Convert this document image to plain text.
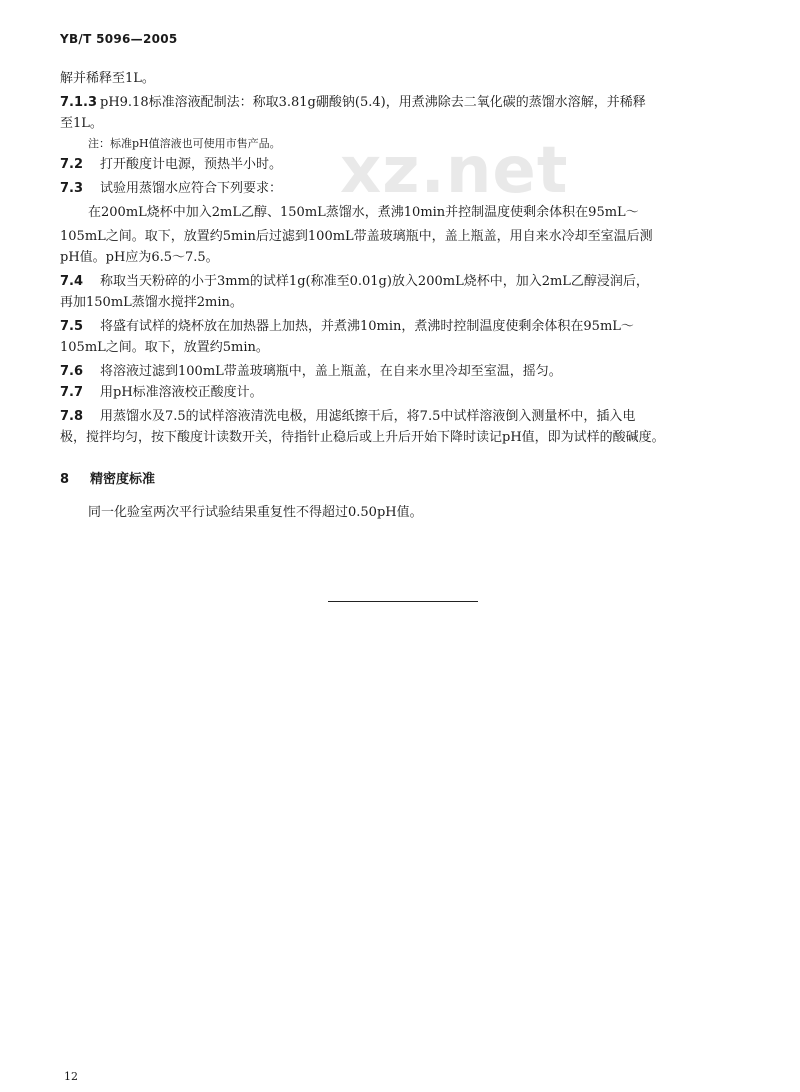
YB/T 5096—2005
xz.net
解并稀释至1L。
7.1.3 pH9.18标准溶液配制法：称取3.81g硼酸钠(5.4)，用煮沸除去二氧化碳的蒸馏水溶解，并稀释
至1L。
注：标准pH值溶液也可使用市售产品。
7.2 打开酸度计电源，预热半小时。
7.3 试验用蒸馏水应符合下列要求：
在200mL烧杯中加入2mL乙醇、150mL蒸馏水，煮沸10min并控制温度使剩余体积在95mL～
105mL之间。取下，放置约5min后过滤到100mL带盖玻璃瓶中，盖上瓶盖，用自来水冷却至室温后测
pH值。pH应为6.5～7.5。
7.4 称取当天粉碎的小于3mm的试样1g(称准至0.01g)放入200mL烧杯中，加入2mL乙醇浸润后，
再加150mL蒸馏水搅拌2min。
7.5 将盛有试样的烧杯放在加热器上加热，并煮沸10min，煮沸时控制温度使剩余体积在95mL～
105mL之间。取下，放置约5min。
7.6 将溶液过滤到100mL带盖玻璃瓶中，盖上瓶盖，在自来水里冷却至室温，摇匀。
7.7 用pH标准溶液校正酸度计。
7.8 用蒸馏水及7.5的试样溶液清洗电极，用滤纸擦干后，将7.5中试样溶液倒入测量杯中，插入电
极，搅拌均匀，按下酸度计读数开关，待指针止稳后或上升后开始下降时读记pH值，即为试样的酸碱度。
8 精密度标准
同一化验室两次平行试验结果重复性不得超过0.50pH值。
12
